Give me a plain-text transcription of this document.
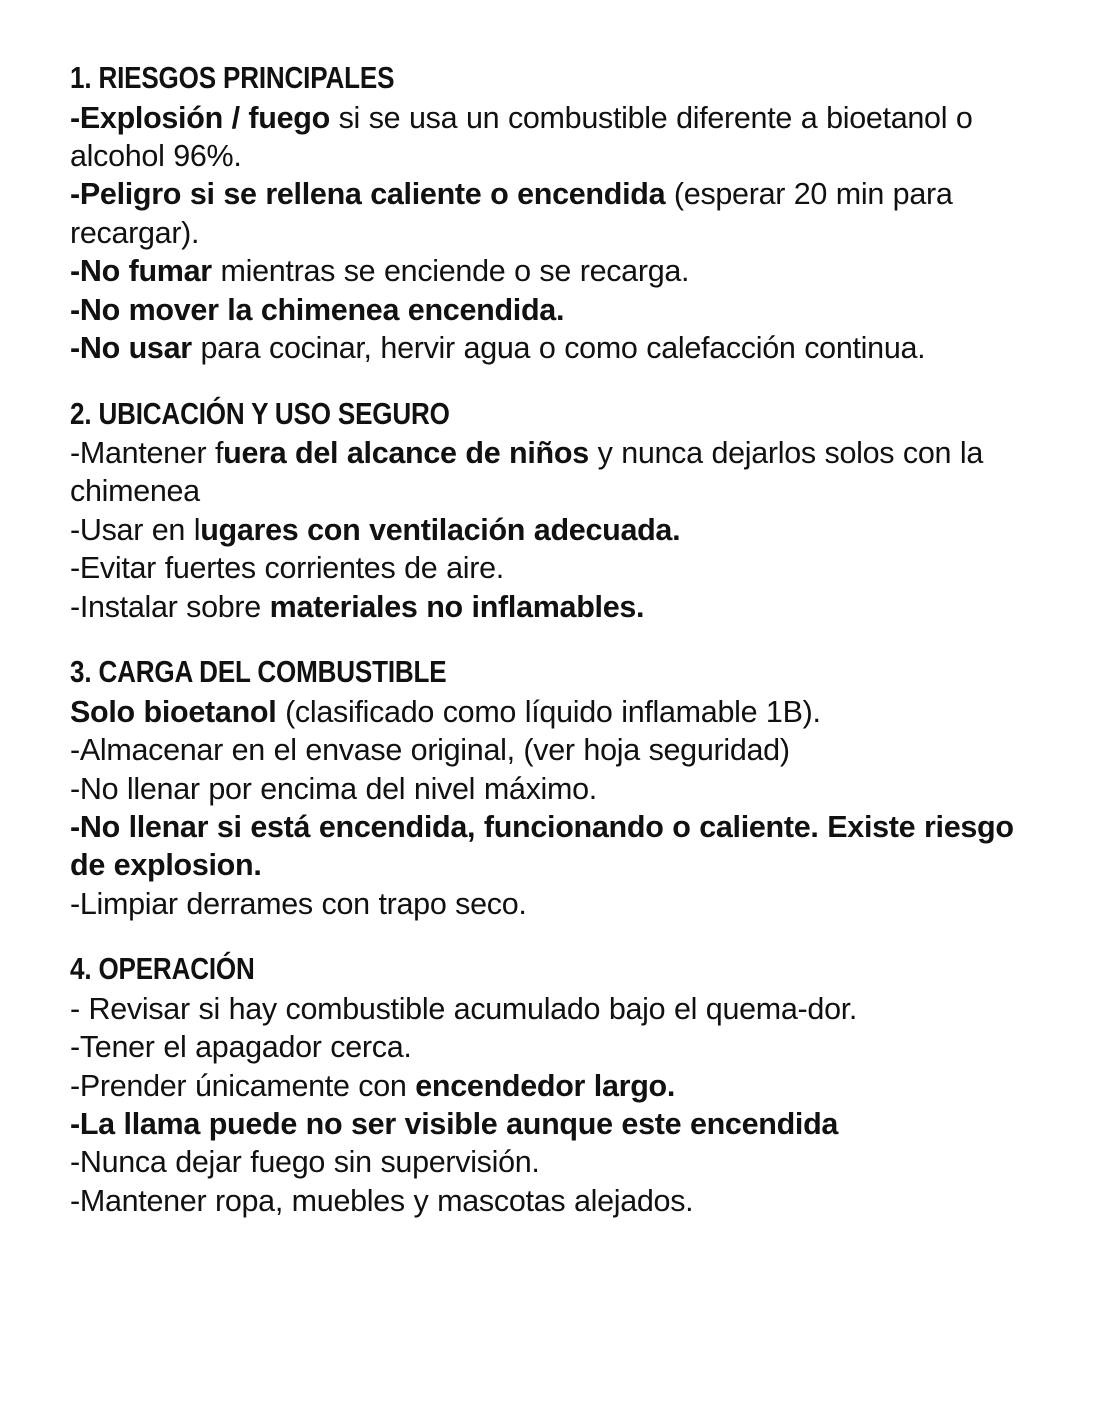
1. RIESGOS PRINCIPALES

-Explosión / fuego si se usa un combustible diferente a bioetanol o alcohol 96%.

-Peligro si se rellena caliente o encendida (esperar 20 min para recargar).

-No fumar mientras se enciende o se recarga.

-No mover la chimenea encendida.

-No usar para cocinar, hervir agua o como calefacción continua.

2. UBICACIÓN Y USO SEGURO

-Mantener fuera del alcance de niños y nunca dejarlos solos con la chimenea

-Usar en lugares con ventilación adecuada.

-Evitar fuertes corrientes de aire.

-Instalar sobre materiales no inflamables.

3. CARGA DEL COMBUSTIBLE

Solo bioetanol (clasificado como líquido inflamable 1B).

-Almacenar en el envase original, (ver hoja seguridad)

-No llenar por encima del nivel máximo.

-No llenar si está encendida, funcionando o caliente. Existe riesgo de explosion.

-Limpiar derrames con trapo seco.

4. OPERACIÓN

- Revisar si hay combustible acumulado bajo el quema-dor.

-Tener el apagador cerca.

-Prender únicamente con encendedor largo.

-La llama puede no ser visible aunque este encendida

-Nunca dejar fuego sin supervisión.

-Mantener ropa, muebles y mascotas alejados.
